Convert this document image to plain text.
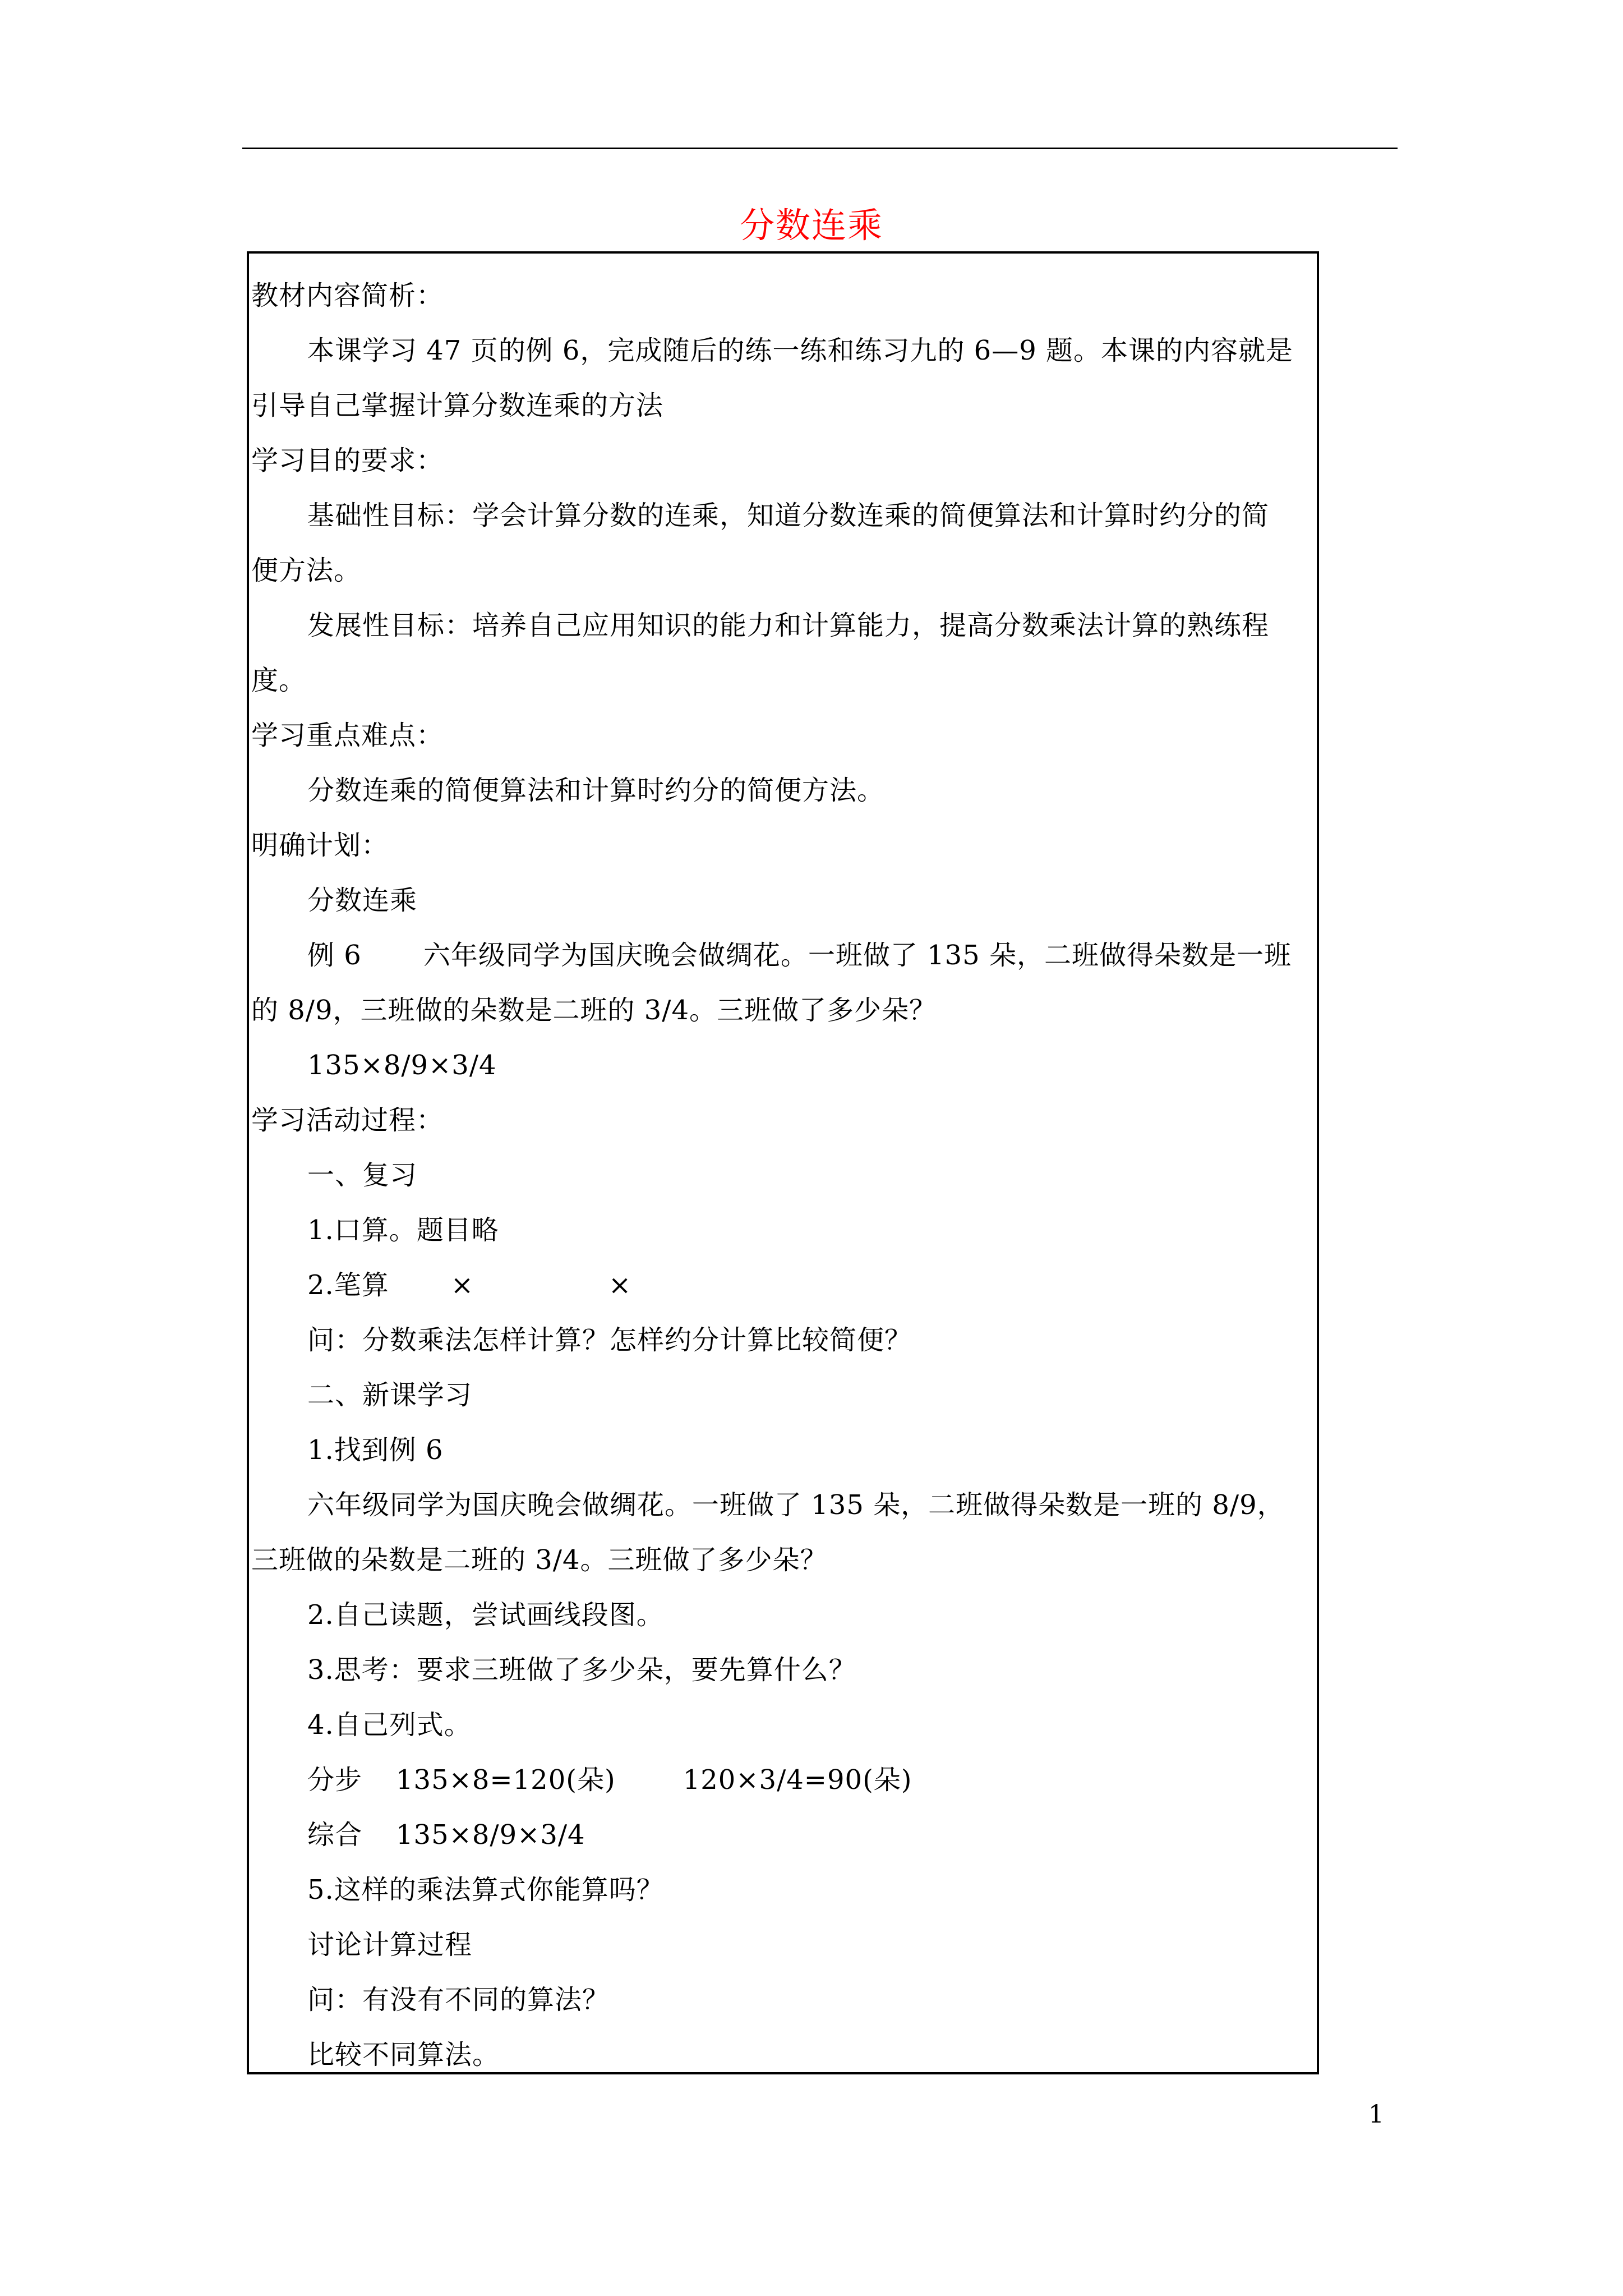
分数连乘
教材内容简析：
本课学习 47 页的例 6，完成随后的练一练和练习九的 6—9 题。本课的内容就是
引导自己掌握计算分数连乘的方法
学习目的要求：
基础性目标：学会计算分数的连乘，知道分数连乘的简便算法和计算时约分的简
便方法。
发展性目标：培养自己应用知识的能力和计算能力，提高分数乘法计算的熟练程
度。
学习重点难点：
分数连乘的简便算法和计算时约分的简便方法。
明确计划：
分数连乘
例 6 六年级同学为国庆晚会做绸花。一班做了 135 朵，二班做得朵数是一班
的 8/9，三班做的朵数是二班的 3/4。三班做了多少朵？
135×8/9×3/4
学习活动过程：
一、复习
1.口算。题目略
2.笔算 ×	×
问：分数乘法怎样计算？怎样约分计算比较简便？
二、新课学习
1.找到例 6
六年级同学为国庆晚会做绸花。一班做了 135 朵，二班做得朵数是一班的 8/9，
三班做的朵数是二班的 3/4。三班做了多少朵？
2.自己读题，尝试画线段图。
3.思考：要求三班做了多少朵，要先算什么？
4.自己列式。
分步 135×8=120(朵)	120×3/4=90(朵)
综合 135×8/9×3/4
5.这样的乘法算式你能算吗？
讨论计算过程
问：有没有不同的算法？
比较不同算法。
1
